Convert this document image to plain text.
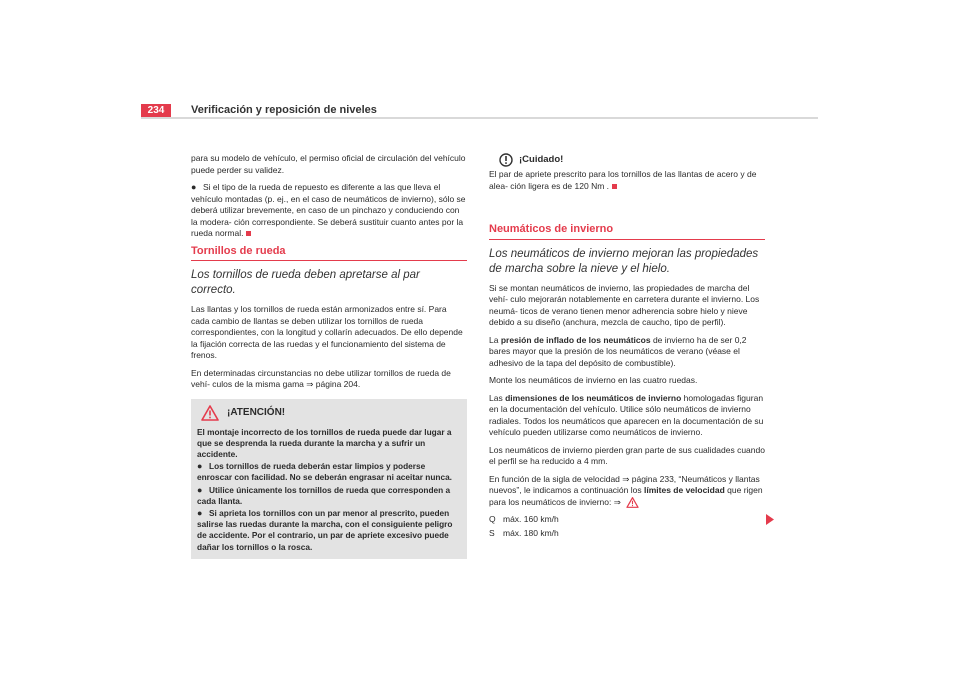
234	Verificación y reposición de niveles

para su modelo de vehículo, el permiso oficial de circulación del vehículo puede perder su validez.

● Si el tipo de la rueda de repuesto es diferente a las que lleva el vehículo montadas (p. ej., en el caso de neumáticos de invierno), sólo se deberá utilizar brevemente, en caso de un pinchazo y conduciendo con la modera- ción correspondiente. Se deberá sustituir cuanto antes por la rueda normal.

Tornillos de rueda
Los tornillos de rueda deben apretarse al par correcto.

Las llantas y los tornillos de rueda están armonizados entre sí. Para cada cambio de llantas se deben utilizar los tornillos de rueda correspondientes, con la longitud y collarín adecuados. De ello depende la fijación correcta de las ruedas y el funcionamiento del sistema de frenos.

En determinadas circunstancias no debe utilizar tornillos de rueda de vehí- culos de la misma gama ⇒ página 204.

¡ATENCIÓN!

El montaje incorrecto de los tornillos de rueda puede dar lugar a que se desprenda la rueda durante la marcha y a sufrir un accidente.

● Los tornillos de rueda deberán estar limpios y poderse enroscar con facilidad. No se deberán engrasar ni aceitar nunca.

● Utilice únicamente los tornillos de rueda que corresponden a cada llanta.

● Si aprieta los tornillos con un par menor al prescrito, pueden salirse las ruedas durante la marcha, con el consiguiente peligro de accidente. Por el contrario, un par de apriete excesivo puede dañar los tornillos o la rosca.

¡Cuidado!

El par de apriete prescrito para los tornillos de las llantas de acero y de alea- ción ligera es de 120 Nm .

Neumáticos de invierno
Los neumáticos de invierno mejoran las propiedades de marcha sobre la nieve y el hielo.

Si se montan neumáticos de invierno, las propiedades de marcha del vehí- culo mejorarán notablemente en carretera durante el invierno. Los neumá- ticos de verano tienen menor adherencia sobre hielo y nieve debido a su diseño (anchura, mezcla de caucho, tipo de perfil).

La presión de inflado de los neumáticos de invierno ha de ser 0,2 bares mayor que la presión de los neumáticos de verano (véase el adhesivo de la tapa del depósito de combustible).

Monte los neumáticos de invierno en las cuatro ruedas.

Las dimensiones de los neumáticos de invierno homologadas figuran en la documentación del vehículo. Utilice sólo neumáticos de invierno radiales. Todos los neumáticos que aparecen en la documentación de su vehículo pueden utilizarse como neumáticos de invierno.

Los neumáticos de invierno pierden gran parte de sus cualidades cuando el perfil se ha reducido a 4 mm.

En función de la sigla de velocidad ⇒ página 233, “Neumáticos y llantas nuevos”, le indicamos a continuación los límites de velocidad que rigen para los neumáticos de invierno: ⇒

Q máx. 160 km/h
S máx. 180 km/h
